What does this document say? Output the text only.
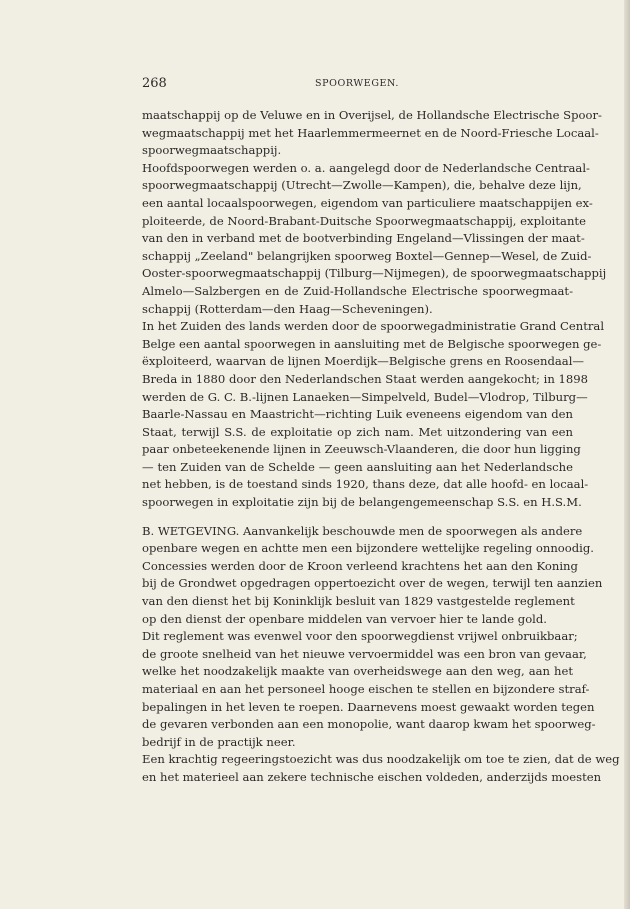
268	SPOORWEGEN.
maatschappij op de Veluwe en in Overijsel, de Hollandsche Electrische Spoor-
wegmaatschappij met het Haarlemmermeernet en de Noord-Friesche Locaal-
spoorwegmaatschappij.
Hoofdspoorwegen werden o. a. aangelegd door de Nederlandsche Centraal-
spoorwegmaatschappij (Utrecht—Zwolle—Kampen), die, behalve deze lijn,
een aantal locaalspoorwegen, eigendom van particuliere maatschappijen ex-
ploiteerde, de Noord-Brabant-Duitsche Spoorwegmaatschappij, exploitante
van den in verband met de bootverbinding Engeland—Vlissingen der maat-
schappij „Zeeland" belangrijken spoorweg Boxtel—Gennep—Wesel, de Zuid-
Ooster-spoorwegmaatschappij (Tilburg—Nijmegen), de spoorwegmaatschappij
Almelo—Salzbergen en de Zuid-Hollandsche Electrische spoorwegmaat-
schappij (Rotterdam—den Haag—Scheveningen).
In het Zuiden des lands werden door de spoorwegadministratie Grand Central
Belge een aantal spoorwegen in aansluiting met de Belgische spoorwegen ge-
ëxploiteerd, waarvan de lijnen Moerdijk—Belgische grens en Roosendaal—
Breda in 1880 door den Nederlandschen Staat werden aangekocht; in 1898
werden de G. C. B.-lijnen Lanaeken—Simpelveld, Budel—Vlodrop, Tilburg—
Baarle-Nassau en Maastricht—richting Luik eveneens eigendom van den
Staat, terwijl S.S. de exploitatie op zich nam. Met uitzondering van een
paar onbeteekenende lijnen in Zeeuwsch-Vlaanderen, die door hun ligging
— ten Zuiden van de Schelde — geen aansluiting aan het Nederlandsche
net hebben, is de toestand sinds 1920, thans deze, dat alle hoofd- en locaal-
spoorwegen in exploitatie zijn bij de belangengemeenschap S.S. en H.S.M.
B. WETGEVING. Aanvankelijk beschouwde men de spoorwegen als andere
openbare wegen en achtte men een bijzondere wettelijke regeling onnoodig.
Concessies werden door de Kroon verleend krachtens het aan den Koning
bij de Grondwet opgedragen oppertoezicht over de wegen, terwijl ten aanzien
van den dienst het bij Koninklijk besluit van 1829 vastgestelde reglement
op den dienst der openbare middelen van vervoer hier te lande gold.
Dit reglement was evenwel voor den spoorwegdienst vrijwel onbruikbaar;
de groote snelheid van het nieuwe vervoermiddel was een bron van gevaar,
welke het noodzakelijk maakte van overheidswege aan den weg, aan het
materiaal en aan het personeel hooge eischen te stellen en bijzondere straf-
bepalingen in het leven te roepen. Daarnevens moest gewaakt worden tegen
de gevaren verbonden aan een monopolie, want daarop kwam het spoorweg-
bedrijf in de practijk neer.
Een krachtig regeeringstoezicht was dus noodzakelijk om toe te zien, dat de weg
en het materieel aan zekere technische eischen voldeden, anderzijds moesten
